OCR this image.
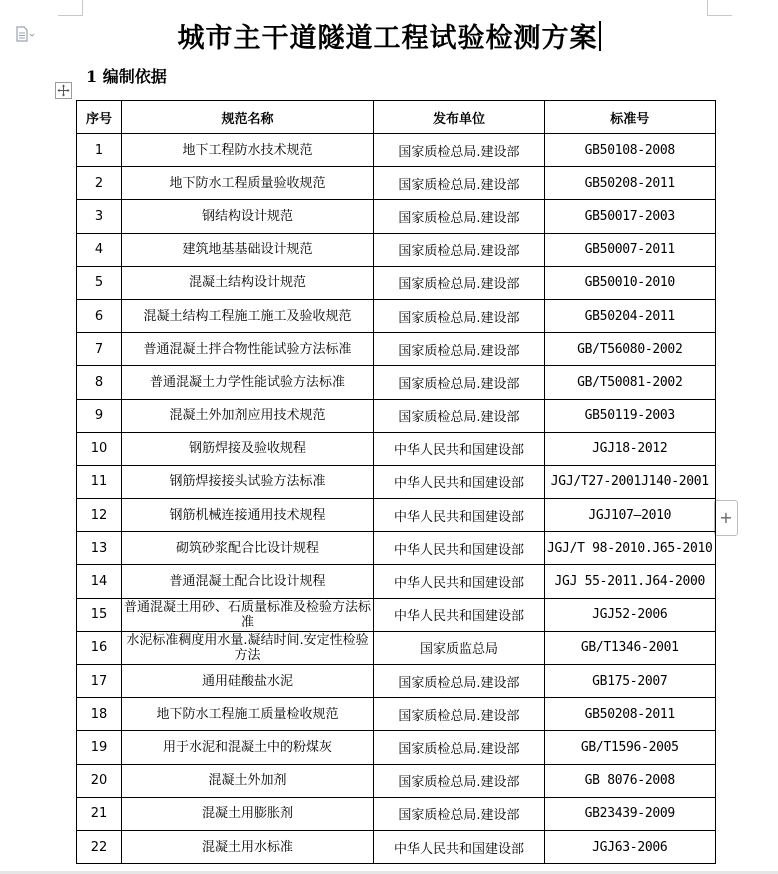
城市主干道隧道工程试验检测方案
1 编制依据
+
序号	规范名称	发布单位	标准号
1	地下工程防水技术规范	国家质检总局.建设部	GB50108-2008
2	地下防水工程质量验收规范	国家质检总局.建设部	GB50208-2011
3	钢结构设计规范	国家质检总局.建设部	GB50017-2003
4	建筑地基基础设计规范	国家质检总局.建设部	GB50007-2011
5	混凝土结构设计规范	国家质检总局.建设部	GB50010-2010
6	混凝土结构工程施工施工及验收规范	国家质检总局.建设部	GB50204-2011
7	普通混凝土拌合物性能试验方法标准	国家质检总局.建设部	GB/T56080-2002
8	普通混凝土力学性能试验方法标准	国家质检总局.建设部	GB/T50081-2002
9	混凝土外加剂应用技术规范	国家质检总局.建设部	GB50119-2003
10	钢筋焊接及验收规程	中华人民共和国建设部	JGJ18-2012
11	钢筋焊接接头试验方法标准	中华人民共和国建设部	JGJ/T27-2001J140-2001
12	钢筋机械连接通用技术规程	中华人民共和国建设部	JGJ107—2010
13	砌筑砂浆配合比设计规程	中华人民共和国建设部	JGJ/T 98-2010.J65-2010
14	普通混凝土配合比设计规程	中华人民共和国建设部	JGJ 55-2011.J64-2000
15	普通混凝土用砂、石质量标准及检验方法标准	中华人民共和国建设部	JGJ52-2006
16	水泥标准稠度用水量.凝结时间.安定性检验方法	国家质监总局	GB/T1346-2001
17	通用硅酸盐水泥	国家质检总局.建设部	GB175-2007
18	地下防水工程施工质量检收规范	国家质检总局.建设部	GB50208-2011
19	用于水泥和混凝土中的粉煤灰	国家质检总局.建设部	GB/T1596-2005
20	混凝土外加剂	国家质检总局.建设部	GB 8076-2008
21	混凝土用膨胀剂	国家质检总局.建设部	GB23439-2009
22	混凝土用水标准	中华人民共和国建设部	JGJ63-2006
